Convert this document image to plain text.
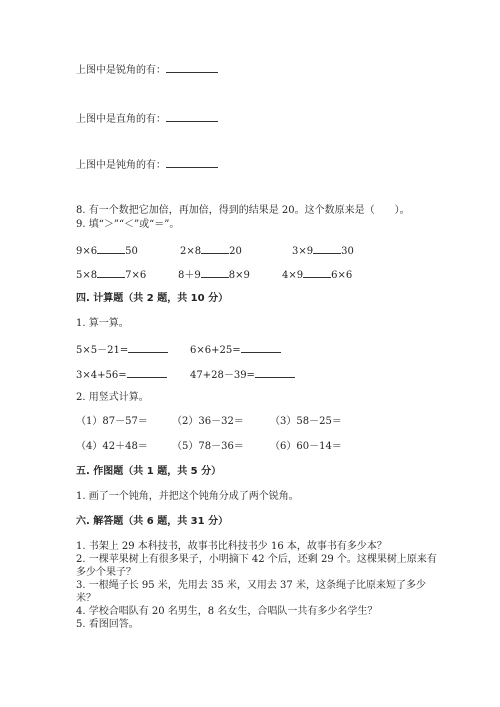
上图中是锐角的有：
上图中是直角的有：
上图中是钝角的有：
8. 有一个数把它加倍，再加倍，得到的结果是 20。这个数原来是（　　）。
9. 填“＞”“＜”或“＝”。
9×6	50	2×8	20	3×9	30
5×8	7×6	8＋9	8×9	4×9	6×6
四. 计算题（共 2 题，共 10 分）
1. 算一算。
5×5－21=	6×6+25=
3×4+56=	47+28－39=
2. 用竖式计算。
（1）87－57＝ （2）36－32＝	（3）58－25＝
（4）42＋48＝ （5）78－36＝	（6）60－14＝
五. 作图题（共 1 题，共 5 分）
1. 画了一个钝角，并把这个钝角分成了两个锐角。
六. 解答题（共 6 题，共 31 分）
1. 书架上 29 本科技书，故事书比科技书少 16 本，故事书有多少本？
2. 一棵苹果树上有很多果子，小明摘下 42 个后，还剩 29 个。这棵果树上原来有
多少个果子？
3. 一根绳子长 95 米，先用去 35 米，又用去 37 米，这条绳子比原来短了多少
米？
4. 学校合唱队有 20 名男生，8 名女生，合唱队一共有多少名学生？
5. 看图回答。
